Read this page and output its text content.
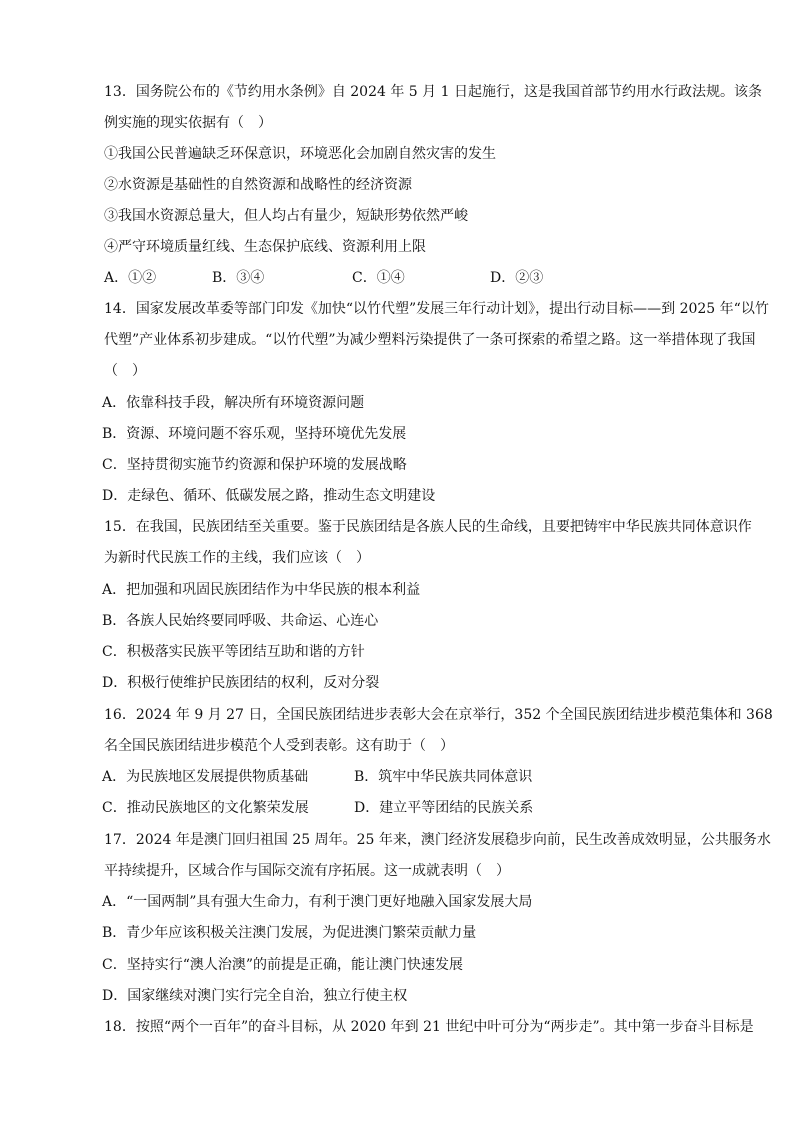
13．国务院公布的《节约用水条例》自 2024 年 5 月 1 日起施行，这是我国首部节约用水行政法规。该条
例实施的现实依据有（　）
①我国公民普遍缺乏环保意识，环境恶化会加剧自然灾害的发生
②水资源是基础性的自然资源和战略性的经济资源
③我国水资源总量大，但人均占有量少，短缺形势依然严峻
④严守环境质量红线、生态保护底线、资源利用上限
A．①②	B．③④	C．①④	D．②③
14．国家发展改革委等部门印发《加快“以竹代塑”发展三年行动计划》，提出行动目标——到 2025 年“以竹
代塑”产业体系初步建成。“以竹代塑”为减少塑料污染提供了一条可探索的希望之路。这一举措体现了我国
（　）
A．依靠科技手段，解决所有环境资源问题
B．资源、环境问题不容乐观，坚持环境优先发展
C．坚持贯彻实施节约资源和保护环境的发展战略
D．走绿色、循环、低碳发展之路，推动生态文明建设
15．在我国，民族团结至关重要。鉴于民族团结是各族人民的生命线，且要把铸牢中华民族共同体意识作
为新时代民族工作的主线，我们应该（　）
A．把加强和巩固民族团结作为中华民族的根本利益
B．各族人民始终要同呼吸、共命运、心连心
C．积极落实民族平等团结互助和谐的方针
D．积极行使维护民族团结的权利，反对分裂
16．2024 年 9 月 27 日，全国民族团结进步表彰大会在京举行，352 个全国民族团结进步模范集体和 368
名全国民族团结进步模范个人受到表彰。这有助于（　）
A．为民族地区发展提供物质基础	B．筑牢中华民族共同体意识
C．推动民族地区的文化繁荣发展	D．建立平等团结的民族关系
17．2024 年是澳门回归祖国 25 周年。25 年来，澳门经济发展稳步向前，民生改善成效明显，公共服务水
平持续提升，区域合作与国际交流有序拓展。这一成就表明（　）
A．“一国两制”具有强大生命力，有利于澳门更好地融入国家发展大局
B．青少年应该积极关注澳门发展，为促进澳门繁荣贡献力量
C．坚持实行“澳人治澳”的前提是正确，能让澳门快速发展
D．国家继续对澳门实行完全自治，独立行使主权
18．按照“两个一百年”的奋斗目标，从 2020 年到 21 世纪中叶可分为“两步走”。其中第一步奋斗目标是
